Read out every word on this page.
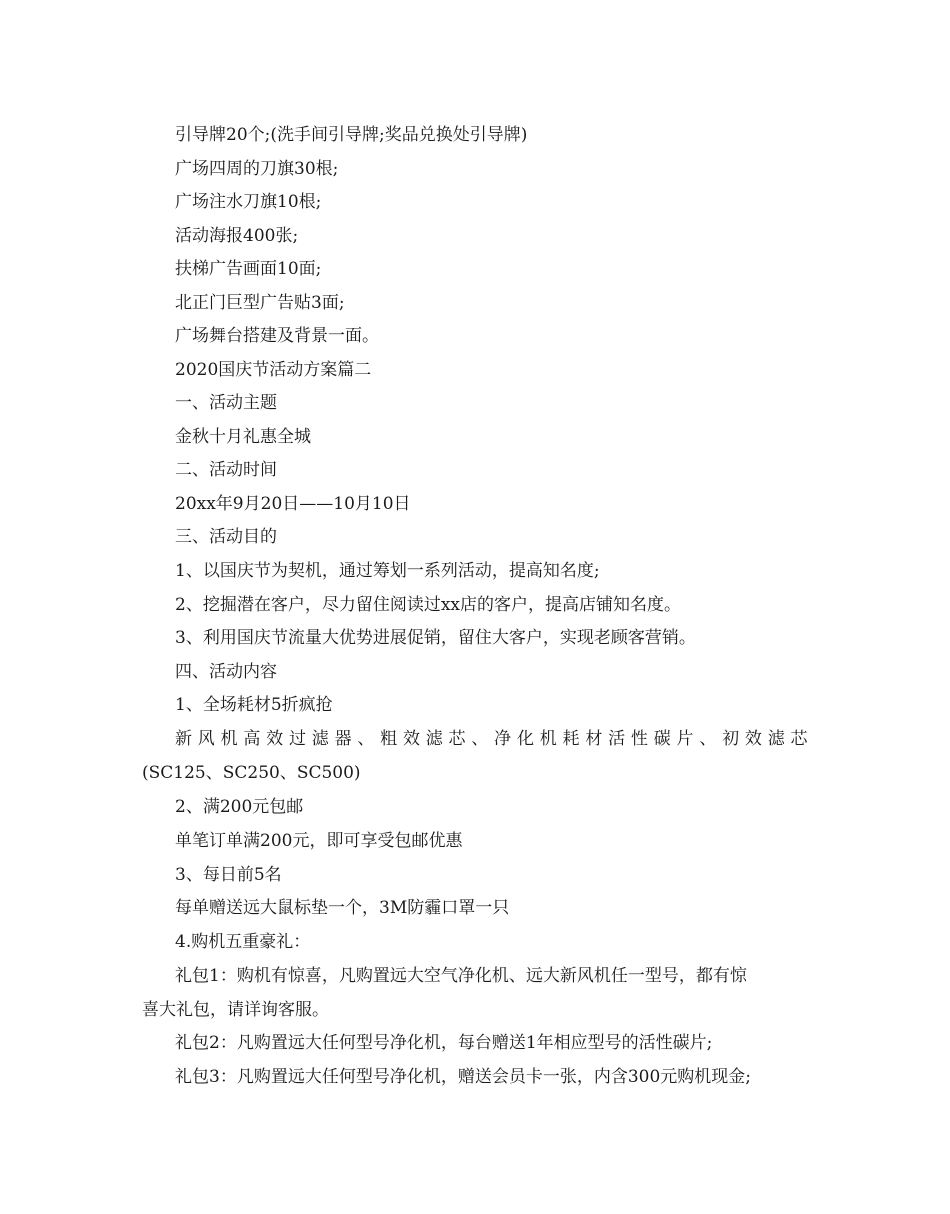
引导牌20个;(洗手间引导牌;奖品兑换处引导牌)
广场四周的刀旗30根;
广场注水刀旗10根;
活动海报400张;
扶梯广告画面10面;
北正门巨型广告贴3面;
广场舞台搭建及背景一面。
2020国庆节活动方案篇二
一、活动主题
金秋十月礼惠全城
二、活动时间
20xx年9月20日——10月10日
三、活动目的
1、以国庆节为契机，通过筹划一系列活动，提高知名度;
2、挖掘潜在客户，尽力留住阅读过xx店的客户，提高店铺知名度。
3、利用国庆节流量大优势进展促销，留住大客户，实现老顾客营销。
四、活动内容
1、全场耗材5折疯抢
新风机高效过滤器、粗效滤芯、净化机耗材活性碳片、初效滤芯
(SC125、SC250、SC500)
2、满200元包邮
单笔订单满200元，即可享受包邮优惠
3、每日前5名
每单赠送远大鼠标垫一个，3M防霾口罩一只
4.购机五重豪礼：
礼包1：购机有惊喜，凡购置远大空气净化机、远大新风机任一型号，都有惊
喜大礼包，请详询客服。
礼包2：凡购置远大任何型号净化机，每台赠送1年相应型号的活性碳片;
礼包3：凡购置远大任何型号净化机，赠送会员卡一张，内含300元购机现金;
